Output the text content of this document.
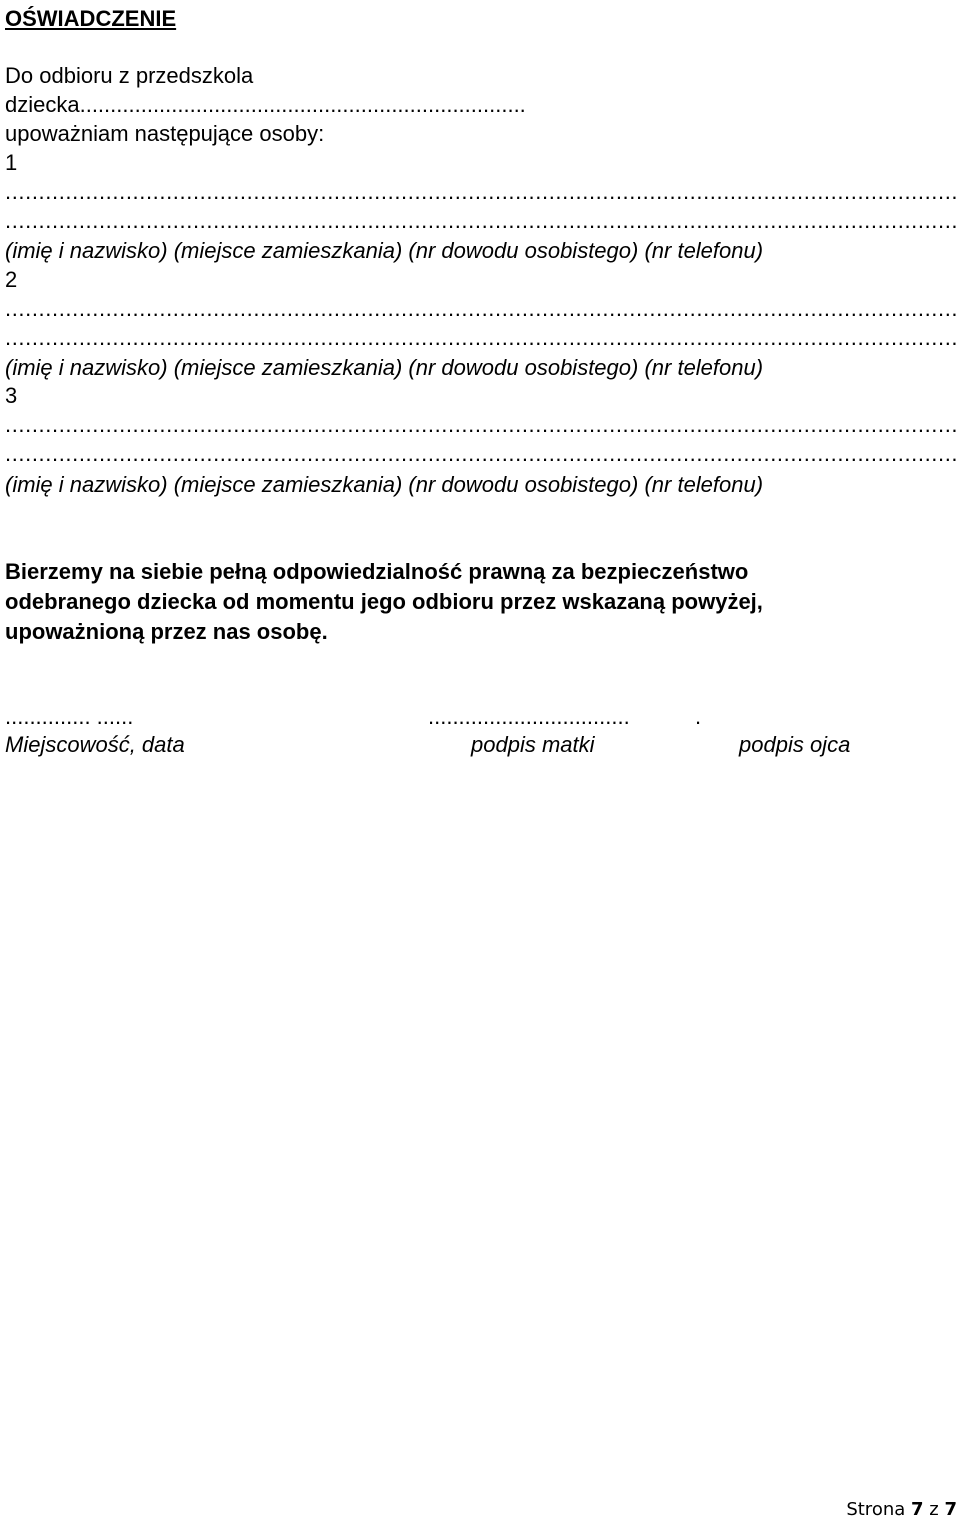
OŚWIADCZENIE
Do odbioru z przedszkola
dziecka.........................................................................
upoważniam następujące osoby:
1
.....
.....
(imię i nazwisko) (miejsce zamieszkania) (nr dowodu osobistego) (nr telefonu)
2
.....
.....
(imię i nazwisko) (miejsce zamieszkania) (nr dowodu osobistego) (nr telefonu)
3
.....
.....
(imię i nazwisko) (miejsce zamieszkania) (nr dowodu osobistego) (nr telefonu)
Bierzemy na siebie pełną odpowiedzialność prawną za bezpieczeństwo
odebranego dziecka od momentu jego odbioru przez wskazaną powyżej,
upoważnioną przez nas osobę.
.............. ......
Miejscowość, data
.................................
podpis matki
.
podpis ojca
Strona 7 z 7
